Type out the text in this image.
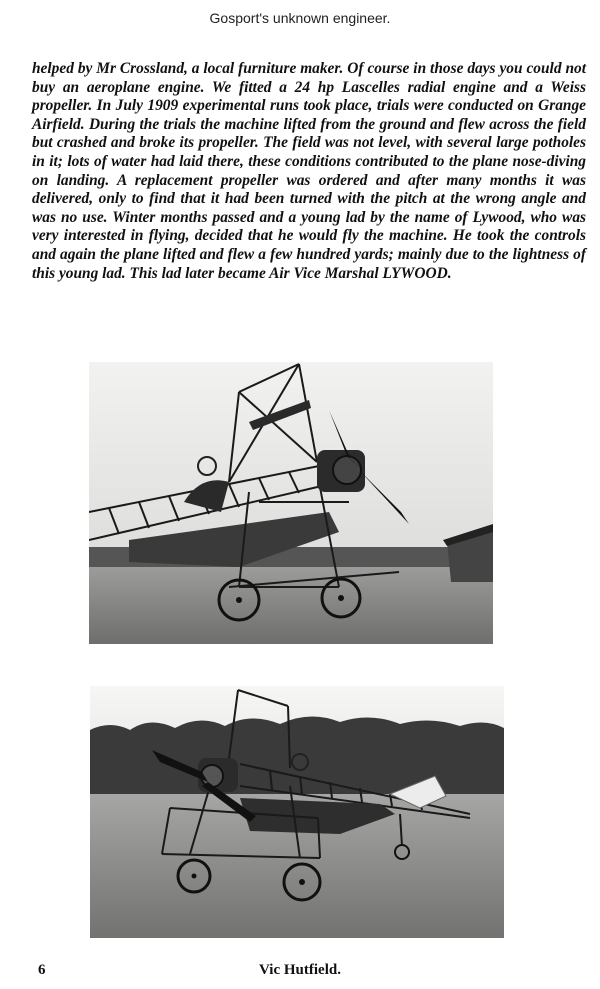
Gosport's unknown engineer.

helped by Mr Crossland, a local furniture maker. Of course in those days you could not buy an aeroplane engine. We fitted a 24 hp Lascelles radial engine and a Weiss propeller. In July 1909 experimental runs took place, trials were conducted on Grange Airfield. During the trials the machine lifted from the ground and flew across the field but crashed and broke its propeller. The field was not level, with several large potholes in it; lots of water had laid there, these conditions contributed to the plane nose-diving on landing. A replacement propeller was ordered and after many months it was delivered, only to find that it had been turned with the pitch at the wrong angle and was no use. Winter months passed and a young lad by the name of Lywood, who was very interested in flying, decided that he would fly the machine. He took the controls and again the plane lifted and flew a few hundred yards; mainly due to the lightness of this young lad. This lad later became Air Vice Marshal LYWOOD.

6	Vic Hutfield.
